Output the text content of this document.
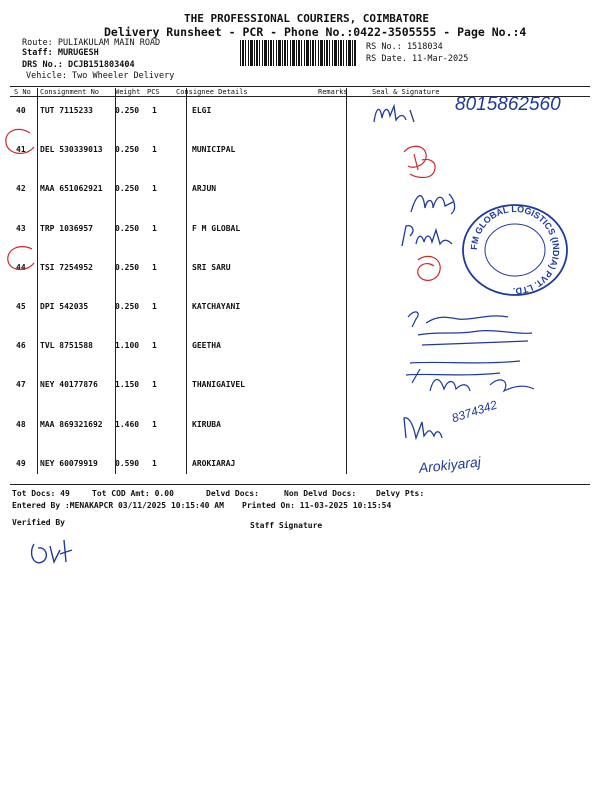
THE PROFESSIONAL COURIERS, COIMBATORE
Delivery Runsheet - PCR - Phone No.:0422-3505555 - Page No.:4
Route: PULIAKULAM MAIN ROAD
Staff: MURUGESH
DRS No.: DCJB151803404
Vehicle: Two Wheeler Delivery
RS No.: 1518034
RS Date. 11-Mar-2025
S No Consignment No Weight PCS Consignee Details	Remarks	Seal & Signature
40 TUT 7115233	0.250 1	ELGI
41 DEL 530339013 0.250 1	MUNICIPAL
42 MAA 651062921 0.250 1	ARJUN
43 TRP 1036957	0.250 1	F M GLOBAL
44 TSI 7254952	0.250 1	SRI SARU
45 DPI 542035	0.250 1	KATCHAYANI
46 TVL 8751588	1.100 1	GEETHA
47 NEY 40177876 1.150 1	THANIGAIVEL
48 MAA 869321692 1.460 1	KIRUBA
49 NEY 60079919 0.590 1	AROKIARAJ
8015862560
FM GLOBAL LOGISTICS (INDIA) PVT. LTD.
8374342
Arokiyaraj
Tot Docs: 49	Tot COD Amt: 0.00	Delvd Docs:	Non Delvd Docs: Delvy Pts:
Entered By :MENAKAPCR 03/11/2025 10:15:40 AM Printed On: 11-03-2025 10:15:54
Verified By	Staff Signature
